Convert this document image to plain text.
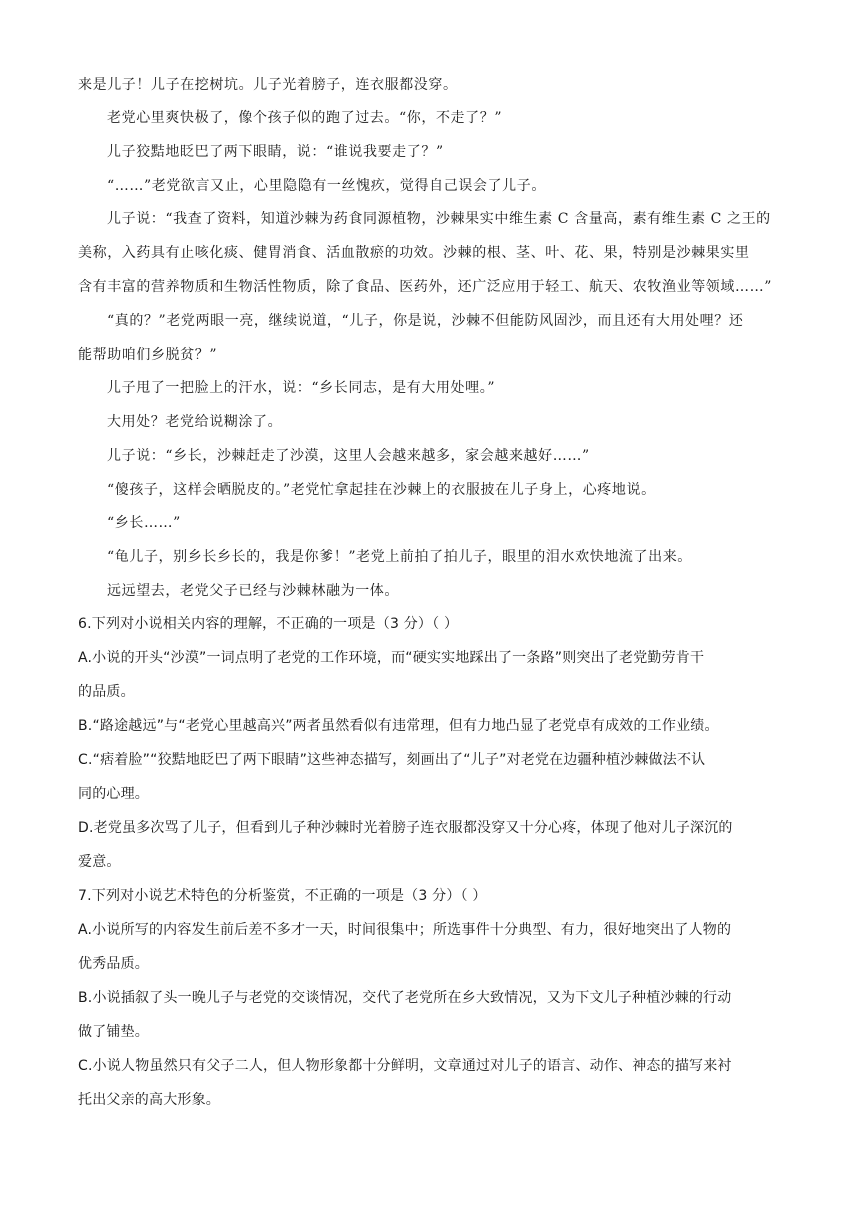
来是儿子！儿子在挖树坑。儿子光着膀子，连衣服都没穿。
老党心里爽快极了，像个孩子似的跑了过去。“你，不走了？”
儿子狡黠地眨巴了两下眼睛，说：“谁说我要走了？”
“……”老党欲言又止，心里隐隐有一丝愧疚，觉得自己误会了儿子。
儿子说：“我查了资料，知道沙棘为药食同源植物，沙棘果实中维生素 C 含量高，素有维生素 C 之王的
美称，入药具有止咳化痰、健胃消食、活血散瘀的功效。沙棘的根、茎、叶、花、果，特别是沙棘果实里
含有丰富的营养物质和生物活性物质，除了食品、医药外，还广泛应用于轻工、航天、农牧渔业等领域……”
“真的？”老党两眼一亮，继续说道，“儿子，你是说，沙棘不但能防风固沙，而且还有大用处哩？还
能帮助咱们乡脱贫？”
儿子甩了一把脸上的汗水，说：“乡长同志，是有大用处哩。”
大用处？老党给说糊涂了。
儿子说：“乡长，沙棘赶走了沙漠，这里人会越来越多，家会越来越好……”
“傻孩子，这样会晒脱皮的。”老党忙拿起挂在沙棘上的衣服披在儿子身上，心疼地说。
“乡长……”
“龟儿子，别乡长乡长的，我是你爹！”老党上前拍了拍儿子，眼里的泪水欢快地流了出来。
远远望去，老党父子已经与沙棘林融为一体。
6.下列对小说相关内容的理解，不正确的一项是（3 分）（ ）
A.小说的开头“沙漠”一词点明了老党的工作环境，而“硬实实地踩出了一条路”则突出了老党勤劳肯干
的品质。
B.“路途越远”与“老党心里越高兴”两者虽然看似有违常理，但有力地凸显了老党卓有成效的工作业绩。
C.“痞着脸”“狡黠地眨巴了两下眼睛”这些神态描写，刻画出了“儿子”对老党在边疆种植沙棘做法不认
同的心理。
D.老党虽多次骂了儿子，但看到儿子种沙棘时光着膀子连衣服都没穿又十分心疼，体现了他对儿子深沉的
爱意。
7.下列对小说艺术特色的分析鉴赏，不正确的一项是（3 分）（ ）
A.小说所写的内容发生前后差不多才一天，时间很集中；所选事件十分典型、有力，很好地突出了人物的
优秀品质。
B.小说插叙了头一晚儿子与老党的交谈情况，交代了老党所在乡大致情况，又为下文儿子种植沙棘的行动
做了铺垫。
C.小说人物虽然只有父子二人，但人物形象都十分鲜明，文章通过对儿子的语言、动作、神态的描写来衬
托出父亲的高大形象。
